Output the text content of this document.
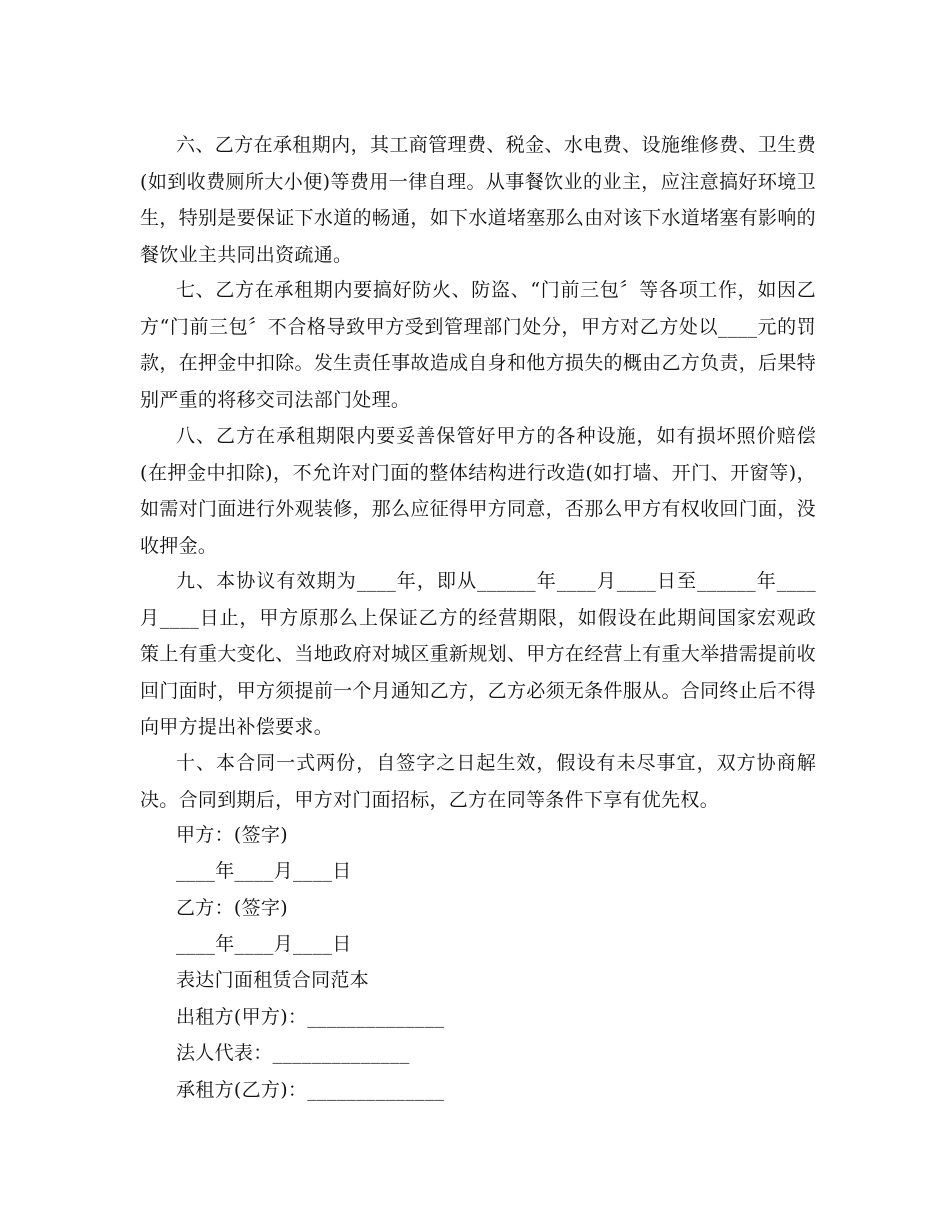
六、乙方在承租期内，其工商管理费、税金、水电费、设施维修费、卫生费(如到收费厕所大小便)等费用一律自理。从事餐饮业的业主，应注意搞好环境卫生，特别是要保证下水道的畅通，如下水道堵塞那么由对该下水道堵塞有影响的餐饮业主共同出资疏通。

七、乙方在承租期内要搞好防火、防盗、“门前三包〞等各项工作，如因乙方“门前三包〞不合格导致甲方受到管理部门处分，甲方对乙方处以____元的罚款，在押金中扣除。发生责任事故造成自身和他方损失的概由乙方负责，后果特别严重的将移交司法部门处理。

八、乙方在承租期限内要妥善保管好甲方的各种设施，如有损坏照价赔偿(在押金中扣除)，不允许对门面的整体结构进行改造(如打墙、开门、开窗等)，如需对门面进行外观装修，那么应征得甲方同意，否那么甲方有权收回门面，没收押金。

九、本协议有效期为____年，即从______年____月____日至______年____月____日止，甲方原那么上保证乙方的经营期限，如假设在此期间国家宏观政策上有重大变化、当地政府对城区重新规划、甲方在经营上有重大举措需提前收回门面时，甲方须提前一个月通知乙方，乙方必须无条件服从。合同终止后不得向甲方提出补偿要求。

十、本合同一式两份，自签字之日起生效，假设有未尽事宜，双方协商解决。合同到期后，甲方对门面招标，乙方在同等条件下享有优先权。

甲方：(签字)

____年____月____日

乙方：(签字)

____年____月____日

表达门面租赁合同范本

出租方(甲方)：______________

法人代表：______________

承租方(乙方)：______________
